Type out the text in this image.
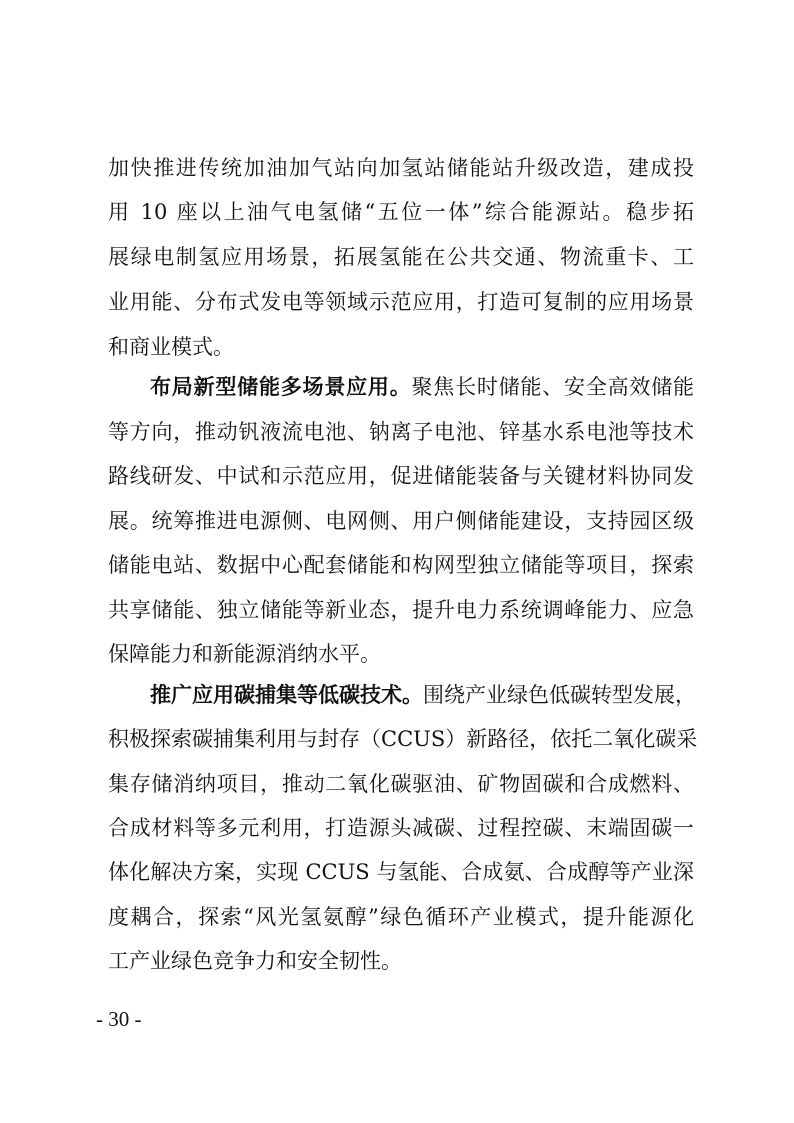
加快推进传统加油加气站向加氢站储能站升级改造，建成投
用 10 座以上油气电氢储“五位一体”综合能源站。稳步拓
展绿电制氢应用场景，拓展氢能在公共交通、物流重卡、工
业用能、分布式发电等领域示范应用，打造可复制的应用场景
和商业模式。
布局新型储能多场景应用。聚焦长时储能、安全高效储能
等方向，推动钒液流电池、钠离子电池、锌基水系电池等技术
路线研发、中试和示范应用，促进储能装备与关键材料协同发
展。统筹推进电源侧、电网侧、用户侧储能建设，支持园区级
储能电站、数据中心配套储能和构网型独立储能等项目，探索
共享储能、独立储能等新业态，提升电力系统调峰能力、应急
保障能力和新能源消纳水平。
推广应用碳捕集等低碳技术。围绕产业绿色低碳转型发展，
积极探索碳捕集利用与封存（CCUS）新路径，依托二氧化碳采
集存储消纳项目，推动二氧化碳驱油、矿物固碳和合成燃料、
合成材料等多元利用，打造源头减碳、过程控碳、末端固碳一
体化解决方案，实现 CCUS 与氢能、合成氨、合成醇等产业深
度耦合，探索“风光氢氨醇”绿色循环产业模式，提升能源化
工产业绿色竞争力和安全韧性。
- 30 -
